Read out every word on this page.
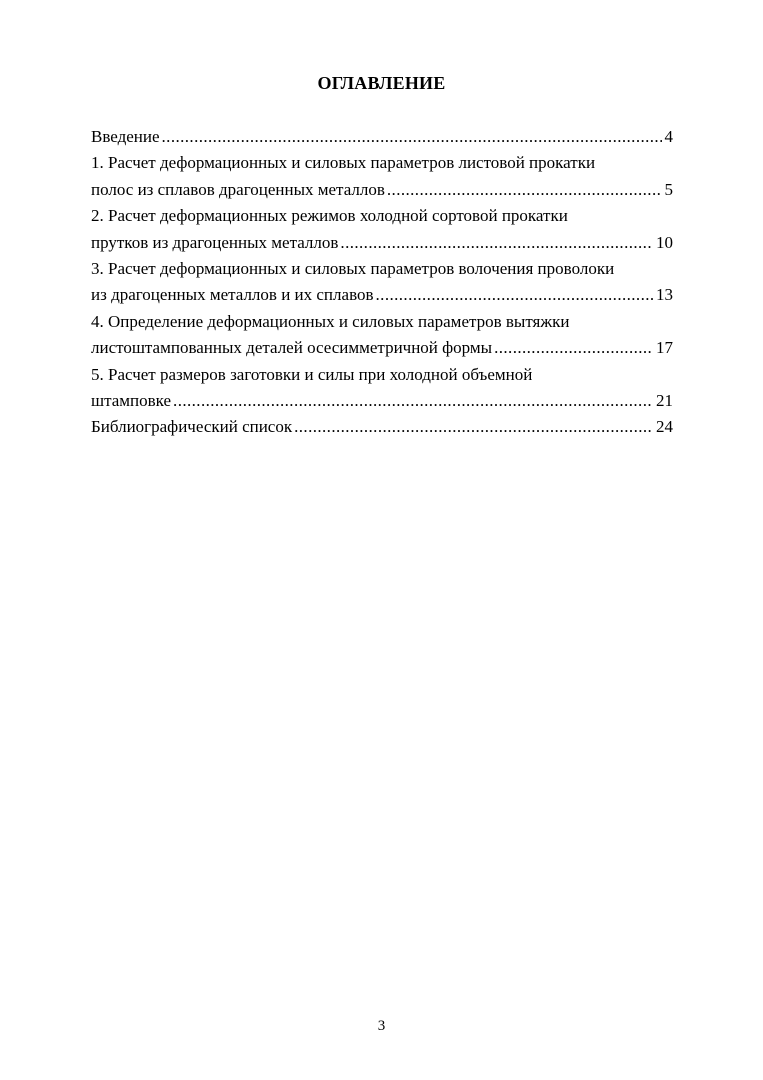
ОГЛАВЛЕНИЕ
Введение .....	4
1. Расчет деформационных и силовых параметров листовой прокатки
полос из сплавов драгоценных металлов .....	5
2. Расчет деформационных режимов холодной сортовой прокатки
прутков из драгоценных металлов .....	10
3. Расчет деформационных и силовых параметров волочения проволоки
из драгоценных металлов и их сплавов .....	13
4. Определение деформационных и силовых параметров вытяжки
листоштампованных деталей осесимметричной формы .....	17
5. Расчет размеров заготовки и силы при холодной объемной
штамповке .....	21
Библиографический список .....	24
3
